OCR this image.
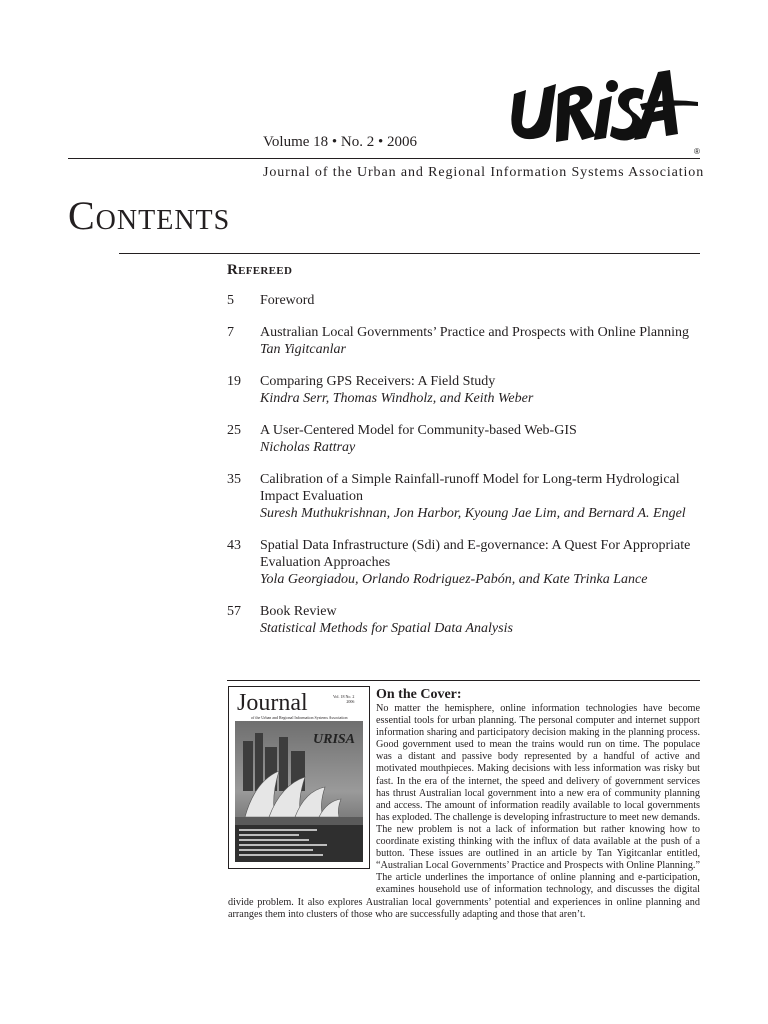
®
Volume 18 • No. 2 • 2006
Journal of the Urban and Regional Information Systems Association
Contents
Refereed
5	Foreword
7	Australian Local Governments’ Practice and Prospects with Online Planning
Tan Yigitcanlar
19	Comparing GPS Receivers: A Field Study
Kindra Serr, Thomas Windholz, and Keith Weber
25	A User-Centered Model for Community-based Web-GIS
Nicholas Rattray
35	Calibration of a Simple Rainfall-runoff Model for Long-term Hydrological Impact Evaluation
Suresh Muthukrishnan, Jon Harbor, Kyoung Jae Lim, and Bernard A. Engel
43	Spatial Data Infrastructure (Sdi) and E-governance: A Quest For Appropriate Evaluation Approaches
Yola Georgiadou, Orlando Rodriguez-Pabón, and Kate Trinka Lance
57	Book Review
Statistical Methods for Spatial Data Analysis
Journal	Vol. 18 No. 2
2006
of the Urban and Regional Information Systems Association
URISA
On the Cover:

No matter the hemisphere, online information technologies have become essential tools for urban planning. The personal computer and internet support information sharing and participatory decision making in the planning process. Good government used to mean the trains would run on time. The populace was a distant and passive body represented by a handful of active and motivated mouthpieces. Making decisions with less information was risky but fast. In the era of the internet, the speed and delivery of government services has thrust Australian local government into a new era of community planning and access. The amount of information readily available to local governments has exploded. The challenge is developing infrastructure to meet new demands. The new problem is not a lack of information but rather knowing how to coordinate existing thinking with the influx of data available at the push of a button. These issues are outlined in an article by Tan Yigitcanlar entitled, “Australian Local Governments’ Practice and Prospects with Online Planning.” The article underlines the importance of online planning and e-participation, examines household use of information technology, and discusses the digital divide problem. It also explores Australian local governments’ potential and experiences in online planning and arranges them into clusters of those who are successfully adapting and those that aren’t.
